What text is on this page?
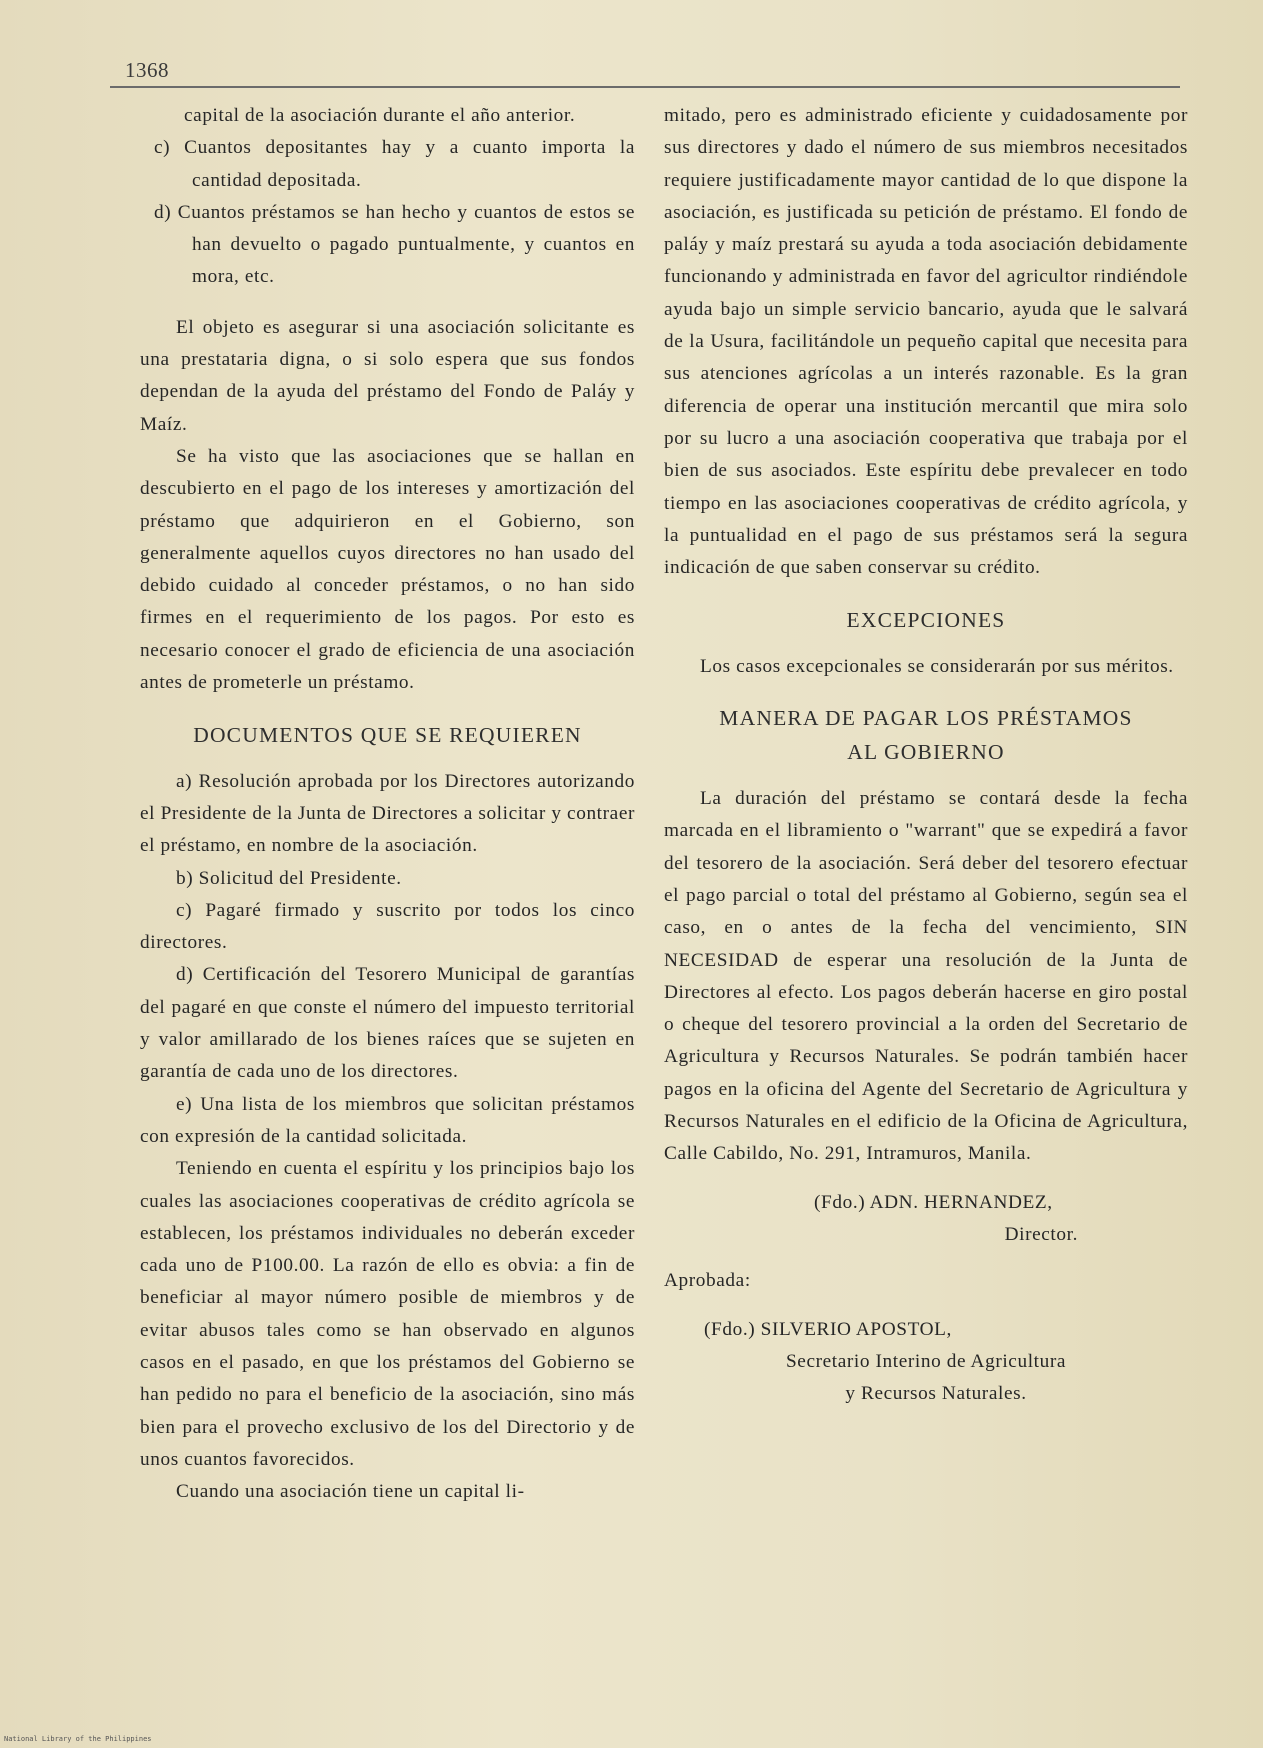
1368

capital de la asociación durante el año anterior.

c) Cuantos depositantes hay y a cuanto importa la cantidad depositada.

d) Cuantos préstamos se han hecho y cuantos de estos se han devuelto o pagado puntualmente, y cuantos en mora, etc.

El objeto es asegurar si una asociación solicitante es una prestataria digna, o si solo espera que sus fondos dependan de la ayuda del préstamo del Fondo de Paláy y Maíz.

Se ha visto que las asociaciones que se hallan en descubierto en el pago de los intereses y amortización del préstamo que adquirieron en el Gobierno, son generalmente aquellos cuyos directores no han usado del debido cuidado al conceder préstamos, o no han sido firmes en el requerimiento de los pagos. Por esto es necesario conocer el grado de eficiencia de una asociación antes de prometerle un préstamo.

DOCUMENTOS QUE SE REQUIEREN

a) Resolución aprobada por los Directores autorizando el Presidente de la Junta de Directores a solicitar y contraer el préstamo, en nombre de la asociación.

b) Solicitud del Presidente.

c) Pagaré firmado y suscrito por todos los cinco directores.

d) Certificación del Tesorero Municipal de garantías del pagaré en que conste el número del impuesto territorial y valor amillarado de los bienes raíces que se sujeten en garantía de cada uno de los directores.

e) Una lista de los miembros que solicitan préstamos con expresión de la cantidad solicitada.

Teniendo en cuenta el espíritu y los principios bajo los cuales las asociaciones cooperativas de crédito agrícola se establecen, los préstamos individuales no deberán exceder cada uno de P100.00. La razón de ello es obvia: a fin de beneficiar al mayor número posible de miembros y de evitar abusos tales como se han observado en algunos casos en el pasado, en que los préstamos del Gobierno se han pedido no para el beneficio de la asociación, sino más bien para el provecho exclusivo de los del Directorio y de unos cuantos favorecidos.

Cuando una asociación tiene un capital li-

mitado, pero es administrado eficiente y cuidadosamente por sus directores y dado el número de sus miembros necesitados requiere justificadamente mayor cantidad de lo que dispone la asociación, es justificada su petición de préstamo. El fondo de paláy y maíz prestará su ayuda a toda asociación debidamente funcionando y administrada en favor del agricultor rindiéndole ayuda bajo un simple servicio bancario, ayuda que le salvará de la Usura, facilitándole un pequeño capital que necesita para sus atenciones agrícolas a un interés razonable. Es la gran diferencia de operar una institución mercantil que mira solo por su lucro a una asociación cooperativa que trabaja por el bien de sus asociados. Este espíritu debe prevalecer en todo tiempo en las asociaciones cooperativas de crédito agrícola, y la puntualidad en el pago de sus préstamos será la segura indicación de que saben conservar su crédito.

EXCEPCIONES

Los casos excepcionales se considerarán por sus méritos.

MANERA DE PAGAR LOS PRÉSTAMOS
AL GOBIERNO

La duración del préstamo se contará desde la fecha marcada en el libramiento o "warrant" que se expedirá a favor del tesorero de la asociación. Será deber del tesorero efectuar el pago parcial o total del préstamo al Gobierno, según sea el caso, en o antes de la fecha del vencimiento, SIN NECESIDAD de esperar una resolución de la Junta de Directores al efecto. Los pagos deberán hacerse en giro postal o cheque del tesorero provincial a la orden del Secretario de Agricultura y Recursos Naturales. Se podrán también hacer pagos en la oficina del Agente del Secretario de Agricultura y Recursos Naturales en el edificio de la Oficina de Agricultura, Calle Cabildo, No. 291, Intramuros, Manila.

(Fdo.) ADN. HERNANDEZ,
Director.
Aprobada:
(Fdo.) SILVERIO APOSTOL,
Secretario Interino de Agricultura
y Recursos Naturales.
National Library of the Philippines
